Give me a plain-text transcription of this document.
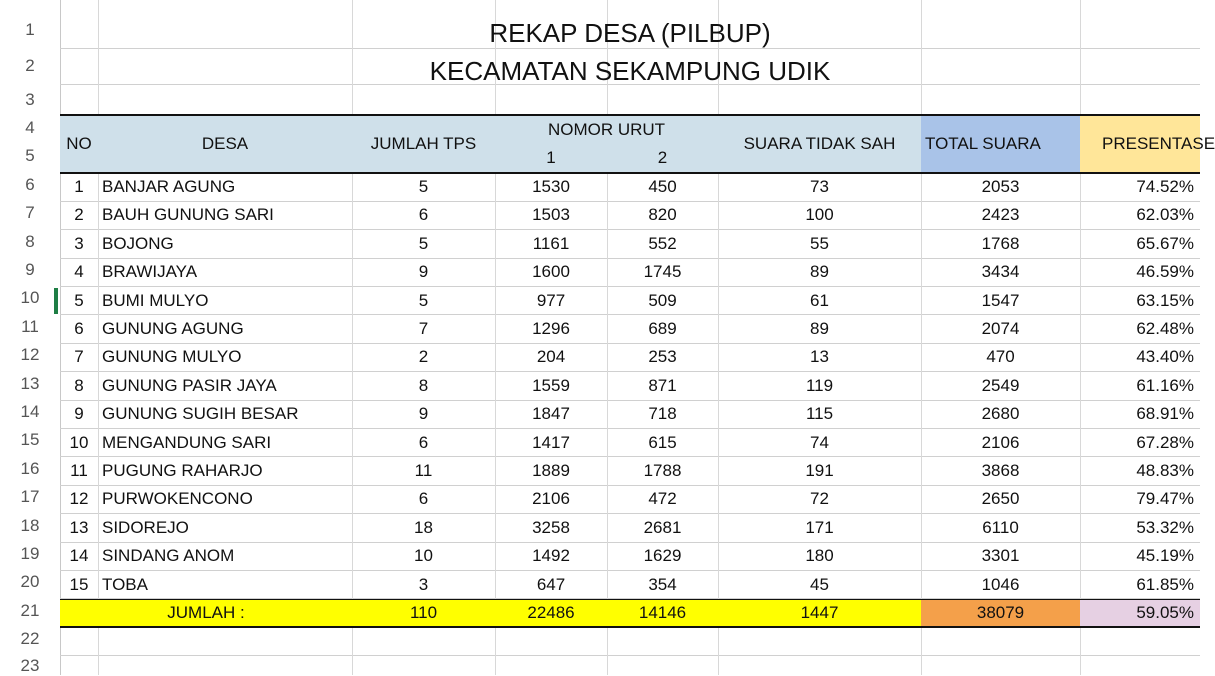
1
2
3
4
5
6
7
8
9
10
11
12
13
14
15
16
17
18
19
20
21
22
23
REKAP DESA (PILBUP)
KECAMATAN SEKAMPUNG UDIK
NO	DESA	JUMLAH TPS
NOMOR URUT
1	2
SUARA TIDAK SAH	TOTAL SUARA	PRESENTASE
1	BANJAR AGUNG	5	1530	450	73	2053	74.52%
2	BAUH GUNUNG SARI	6	1503	820	100	2423	62.03%
3	BOJONG	5	1161	552	55	1768	65.67%
4	BRAWIJAYA	9	1600	1745	89	3434	46.59%
5	BUMI MULYO	5	977	509	61	1547	63.15%
6	GUNUNG AGUNG	7	1296	689	89	2074	62.48%
7	GUNUNG MULYO	2	204	253	13	470	43.40%
8	GUNUNG PASIR JAYA	8	1559	871	119	2549	61.16%
9	GUNUNG SUGIH BESAR	9	1847	718	115	2680	68.91%
10 MENGANDUNG SARI	6	1417	615	74	2106	67.28%
11 PUGUNG RAHARJO	11	1889	1788	191	3868	48.83%
12 PURWOKENCONO	6	2106	472	72	2650	79.47%
13 SIDOREJO	18	3258	2681	171	6110	53.32%
14 SINDANG ANOM	10	1492	1629	180	3301	45.19%
15 TOBA	3	647	354	45	1046	61.85%
JUMLAH :	110	22486	14146	1447	38079	59.05%
